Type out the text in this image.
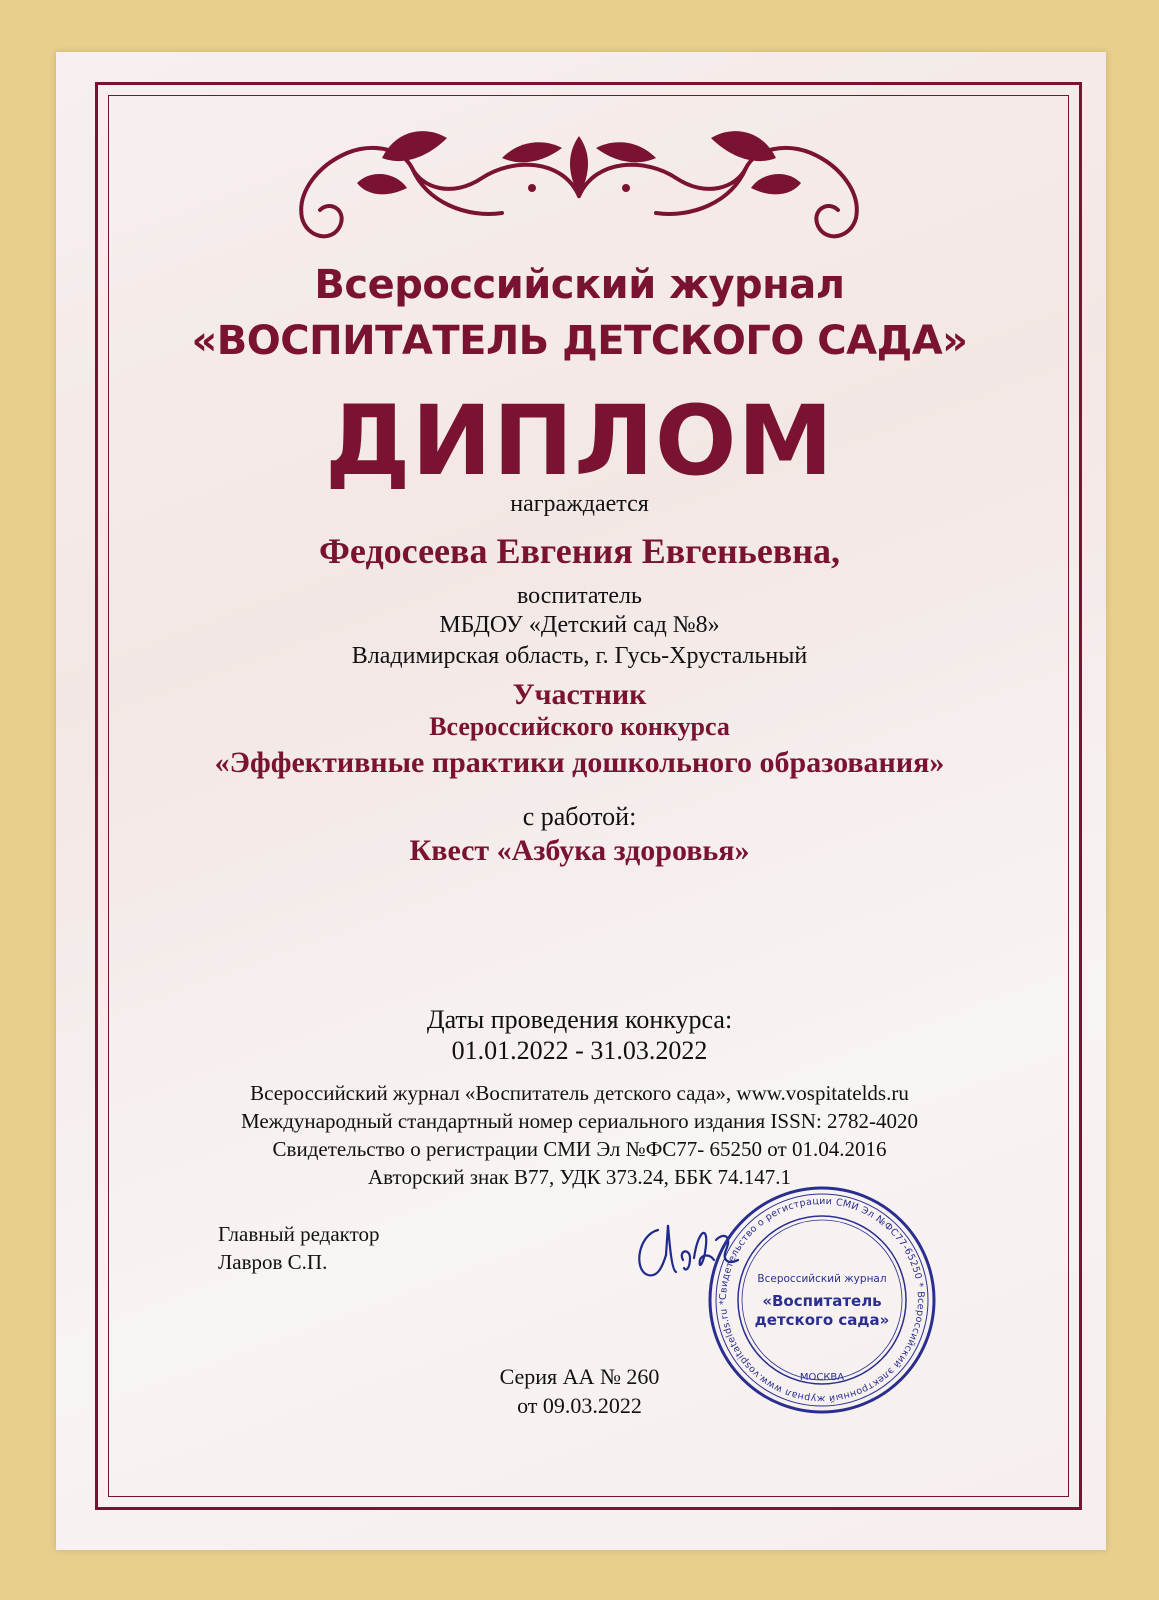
Всероссийский журнал
«ВОСПИТАТЕЛЬ ДЕТСКОГО САДА»
ДИПЛОМ
награждается
Федосеева Евгения Евгеньевна,
воспитатель
МБДОУ «Детский сад №8»
Владимирская область, г. Гусь-Хрустальный
Участник
Всероссийского конкурса
«Эффективные практики дошкольного образования»
с работой:
Квест «Азбука здоровья»
Даты проведения конкурса:
01.01.2022 - 31.03.2022
Всероссийский журнал «Воспитатель детского сада», www.vospitatelds.ru
Международный стандартный номер сериального издания ISSN: 2782-4020
Свидетельство о регистрации СМИ Эл №ФС77- 65250 от 01.04.2016
Авторский знак В77, УДК 373.24, ББК 74.147.1
Главный редактор
Лавров С.П.
Свидетельство о регистрации СМИ Эл №ФС77-65250 * Всероссийский электронный журнал www.vospitatelds.ru *
МОСКВА
Всероссийский журнал
«Воспитатель
детского сада»
Серия АА № 260
от 09.03.2022
